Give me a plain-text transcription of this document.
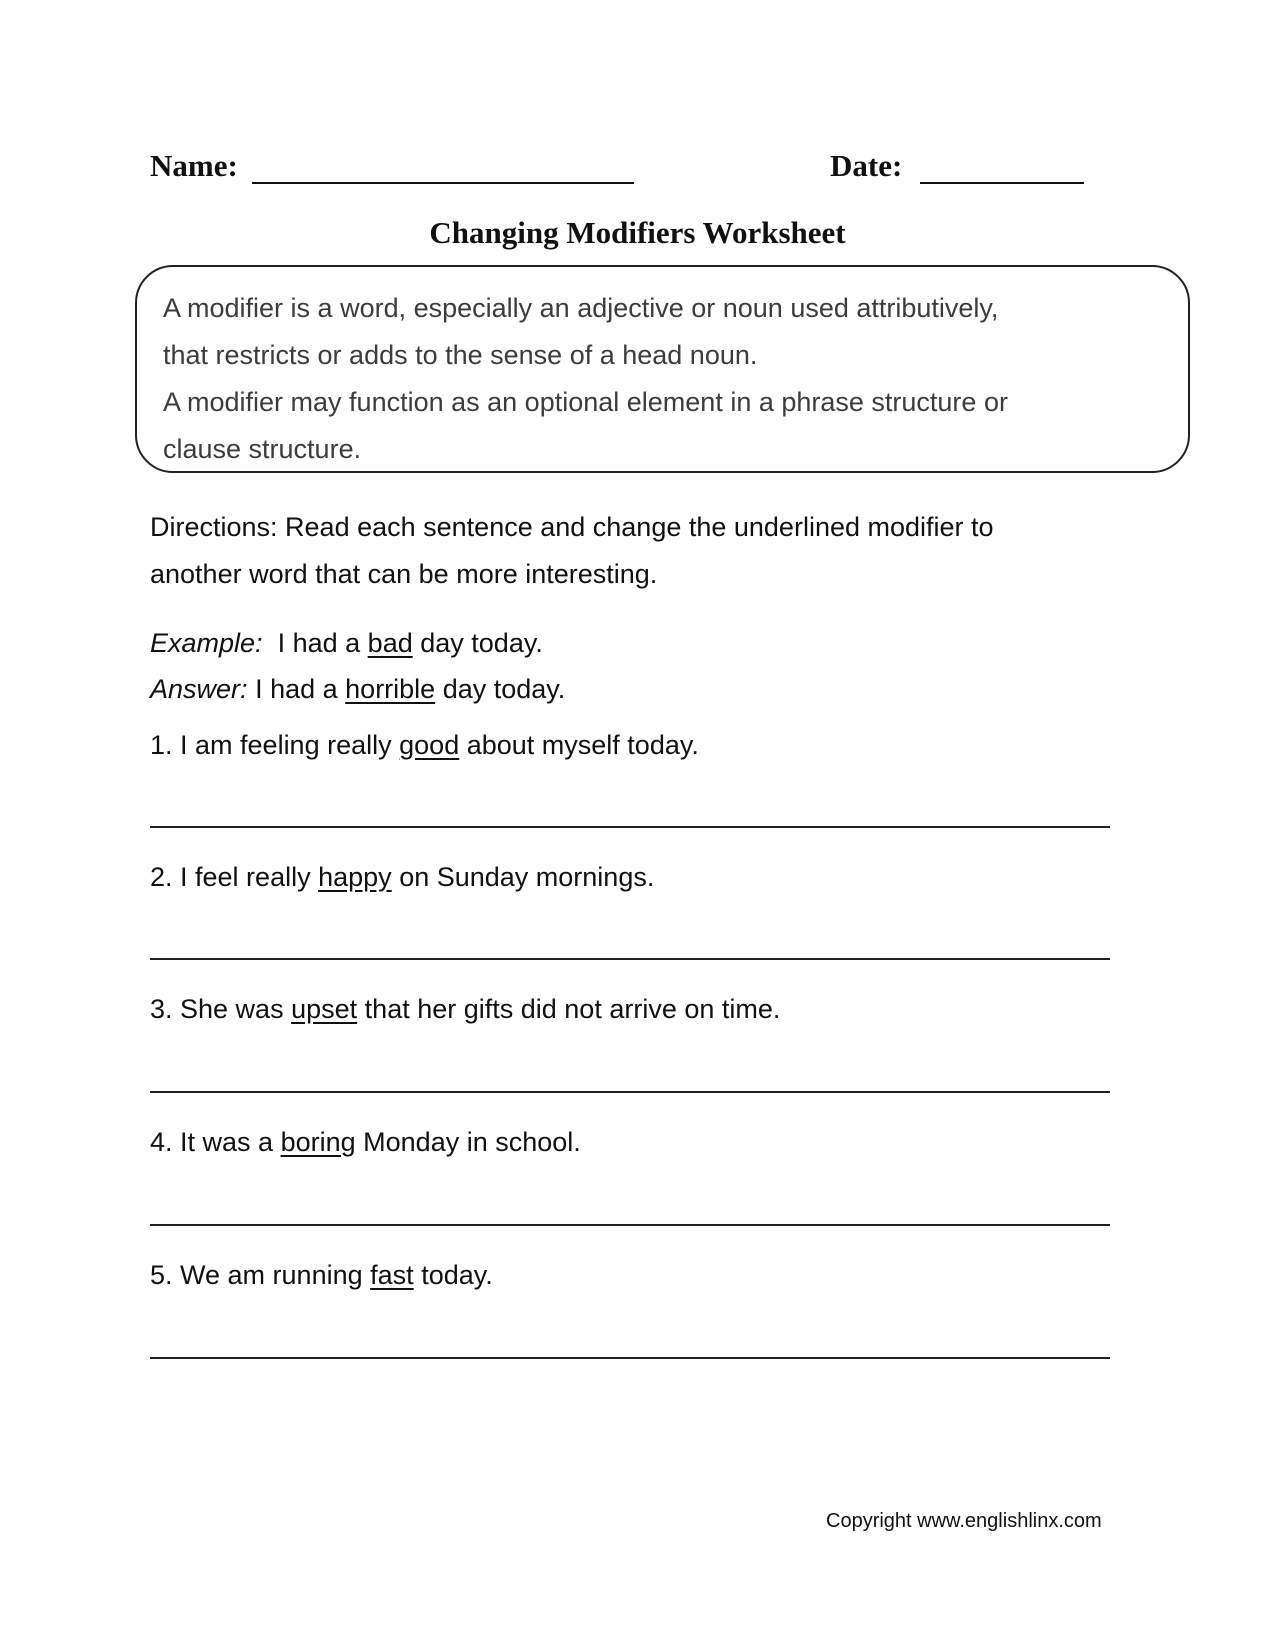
Name:	Date:
Changing Modifiers Worksheet

A modifier is a word, especially an adjective or noun used attributively,

that restricts or adds to the sense of a head noun.

A modifier may function as an optional element in a phrase structure or

clause structure.

Directions: Read each sentence and change the underlined modifier to
another word that can be more interesting.
Example: I had a bad day today.
Answer: I had a horrible day today.
1. I am feeling really good about myself today.
2. I feel really happy on Sunday mornings.
3. She was upset that her gifts did not arrive on time.
4. It was a boring Monday in school.
5. We am running fast today.
Copyright www.englishlinx.com
